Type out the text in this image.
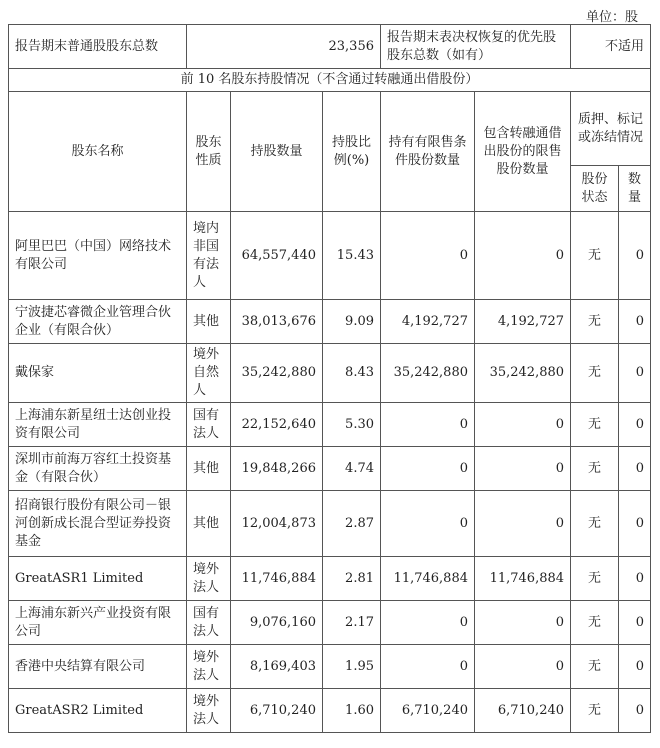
单位：股
报告期末普通股股东总数	23,356			报告期末表决权恢复的优先股股东总数（如有）		不适用	
前 10 名股东持股情况（不含通过转融通出借股份）							
股东名称	股东性质	持股数量	持股比例(%)	持有有限售条件股份数量	包含转融通借出股份的限售股份数量	质押、标记或冻结情况	
						股份状态	数量
阿里巴巴（中国）网络技术有限公司	境内非国有法人	64,557,440	15.43	0	0	无	0
宁波捷芯睿微企业管理合伙企业（有限合伙）	其他	38,013,676	9.09	4,192,727	4,192,727	无	0
戴保家	境外自然人	35,242,880	8.43	35,242,880	35,242,880	无	0
上海浦东新星纽士达创业投资有限公司	国有法人	22,152,640	5.30	0	0	无	0
深圳市前海万容红土投资基金（有限合伙）	其他	19,848,266	4.74	0	0	无	0
招商银行股份有限公司－银河创新成长混合型证券投资基金	其他	12,004,873	2.87	0	0	无	0
GreatASR1 Limited	境外法人	11,746,884	2.81	11,746,884	11,746,884	无	0
上海浦东新兴产业投资有限公司	国有法人	9,076,160	2.17	0	0	无	0
香港中央结算有限公司	境外法人	8,169,403	1.95	0	0	无	0
GreatASR2 Limited	境外法人	6,710,240	1.60	6,710,240	6,710,240	无	0
